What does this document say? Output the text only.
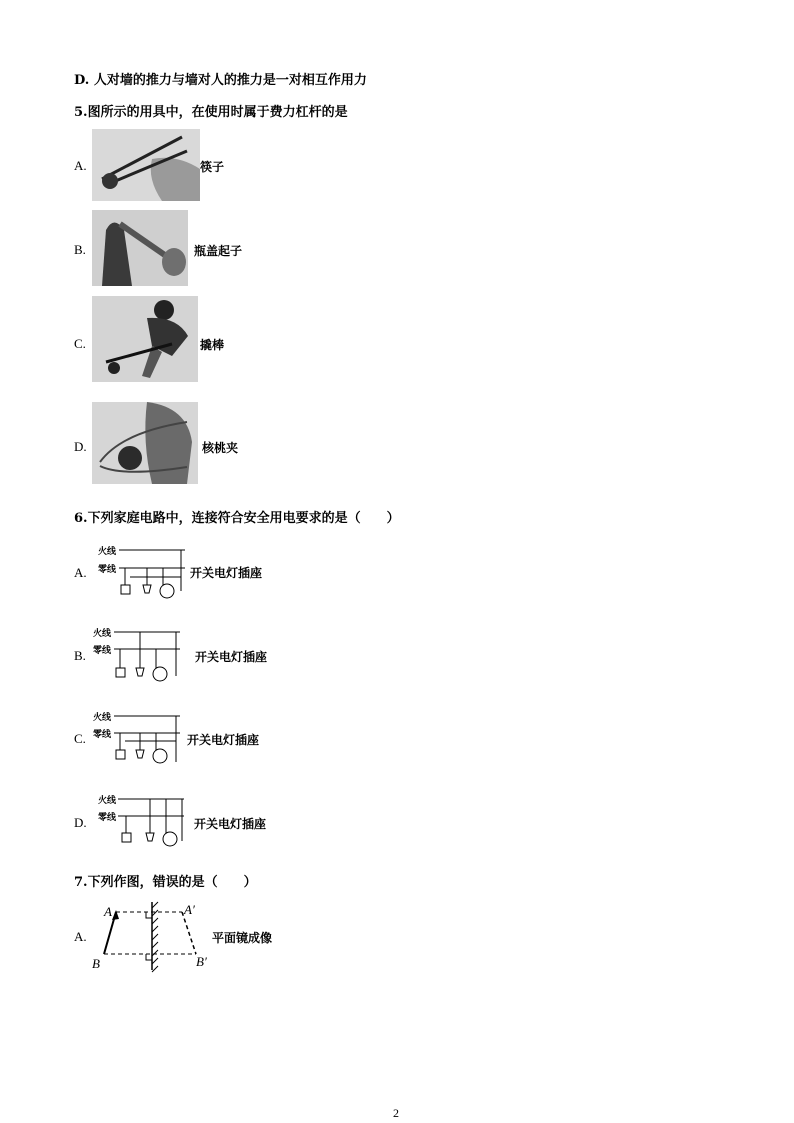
D. 人对墙的推力与墙对人的推力是一对相互作用力
5.图所示的用具中，在使用时属于费力杠杆的是
A.	筷子
B.	瓶盖起子
C.	撬棒
D.	核桃夹
6.下列家庭电路中，连接符合安全用电要求的是（　　）
A.
火线
零线	开关电灯插座
B.
火线
零线	开关电灯插座
C.
火线
零线	开关电灯插座
D.
火线
零线	开关电灯插座
7.下列作图，错误的是（　　）
A.
A	A′
B	B′
平面镜成像
2
